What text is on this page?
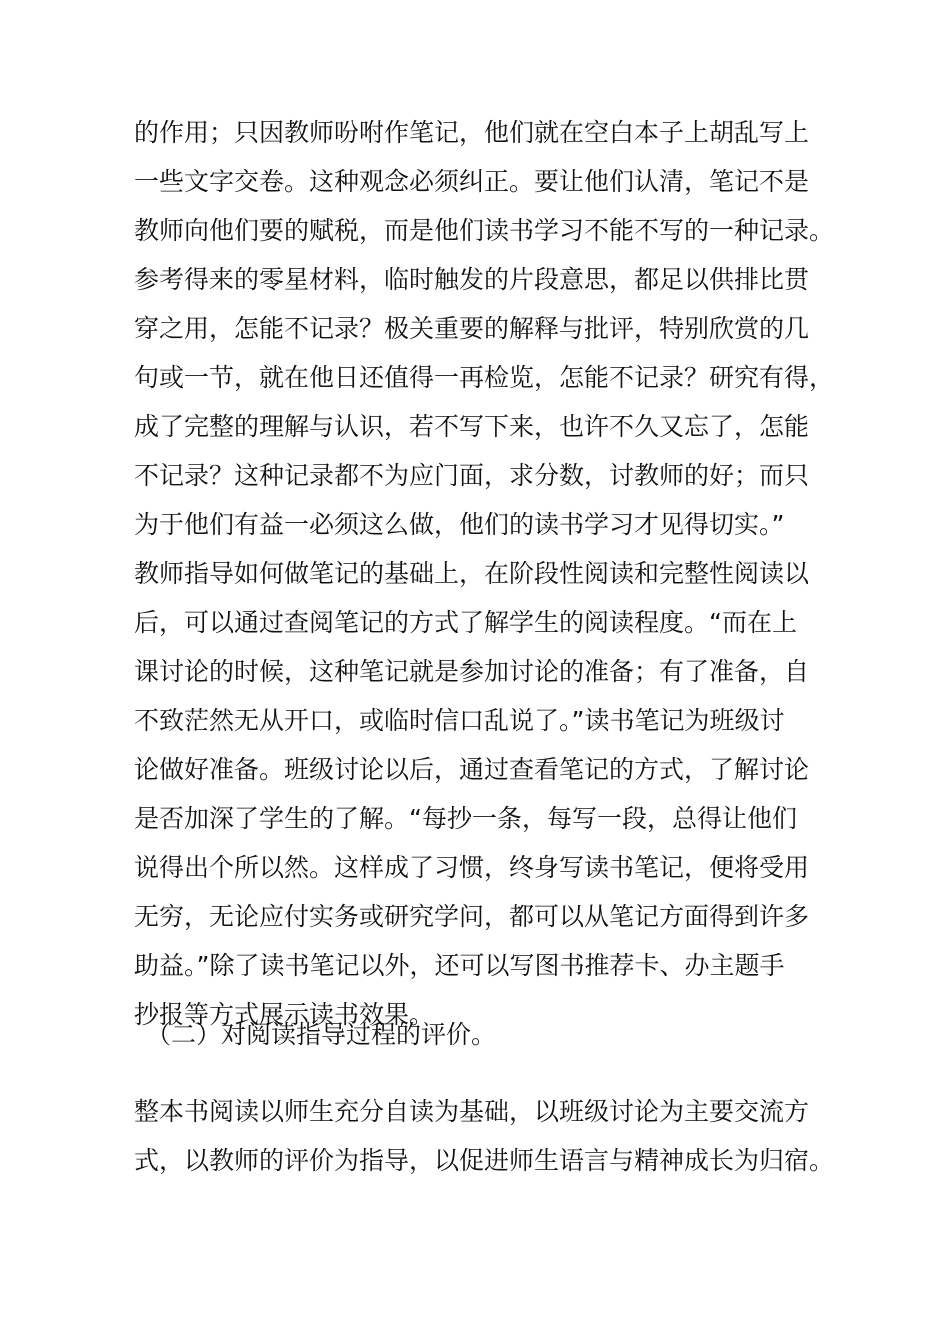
的作用；只因教师吩咐作笔记，他们就在空白本子上胡乱写上
一些文字交卷。这种观念必须纠正。要让他们认清，笔记不是
教师向他们要的赋税，而是他们读书学习不能不写的一种记录。
参考得来的零星材料，临时触发的片段意思，都足以供排比贯
穿之用，怎能不记录？极关重要的解释与批评，特别欣赏的几
句或一节，就在他日还值得一再检览，怎能不记录？研究有得，
成了完整的理解与认识，若不写下来，也许不久又忘了，怎能
不记录？这种记录都不为应门面，求分数，讨教师的好；而只
为于他们有益一必须这么做，他们的读书学习才见得切实。”
教师指导如何做笔记的基础上，在阶段性阅读和完整性阅读以
后，可以通过查阅笔记的方式了解学生的阅读程度。“而在上
课讨论的时候，这种笔记就是参加讨论的准备；有了准备，自
不致茫然无从开口，或临时信口乱说了。”读书笔记为班级讨
论做好准备。班级讨论以后，通过查看笔记的方式，了解讨论
是否加深了学生的了解。“每抄一条，每写一段，总得让他们
说得出个所以然。这样成了习惯，终身写读书笔记，便将受用
无穷，无论应付实务或研究学问，都可以从笔记方面得到许多
助益。”除了读书笔记以外，还可以写图书推荐卡、办主题手
抄报等方式展示读书效果。
（二）对阅读指导过程的评价。
整本书阅读以师生充分自读为基础，以班级讨论为主要交流方
式，以教师的评价为指导，以促进师生语言与精神成长为归宿。
